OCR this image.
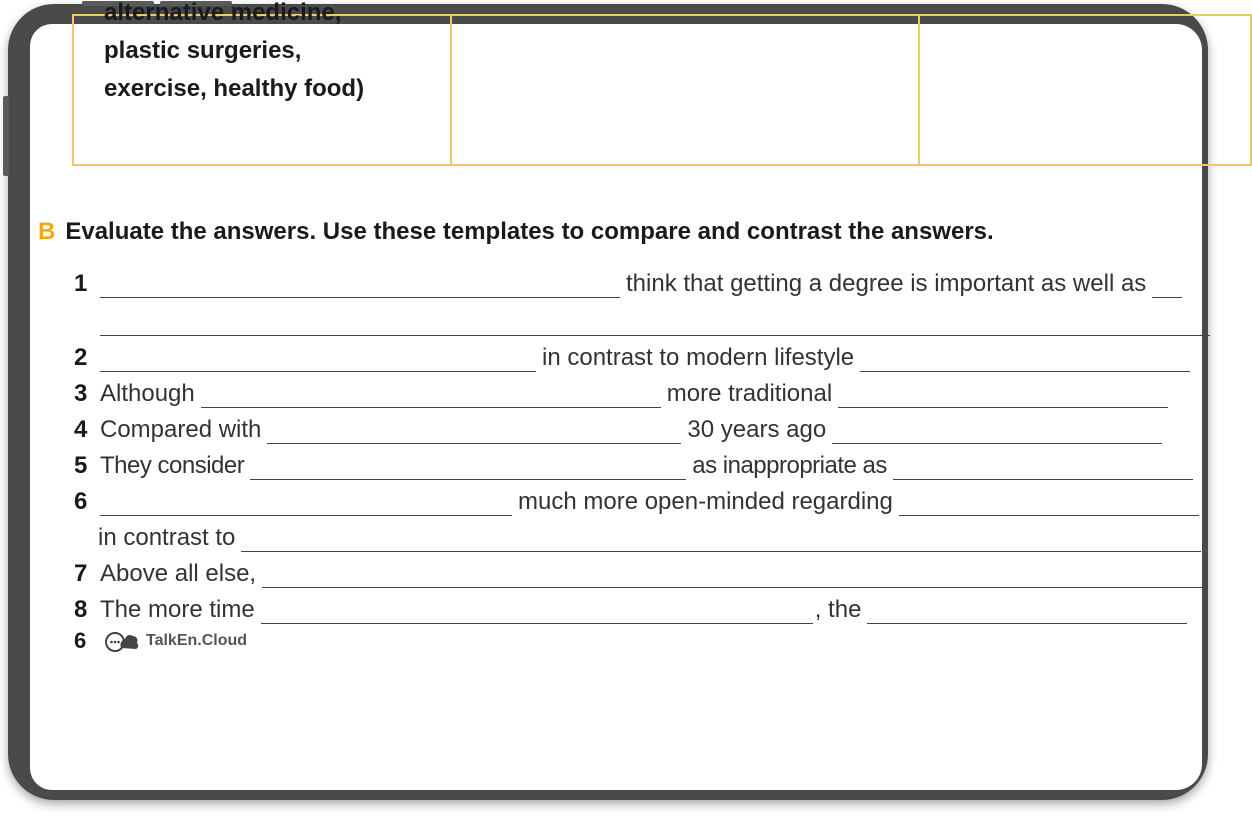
alternative medicine,
plastic surgeries,
exercise, healthy food)
B Evaluate the answers. Use these templates to compare and contrast the answers.
1	think that getting a degree is important as well as
2	in contrast to modern lifestyle
3 Although	more traditional
4 Compared with	30 years ago
5 They consider	as inappropriate as
6	much more open-minded regarding
in contrast to
7 Above all else,
8 The more time	, the
6	TalkEn.Cloud
